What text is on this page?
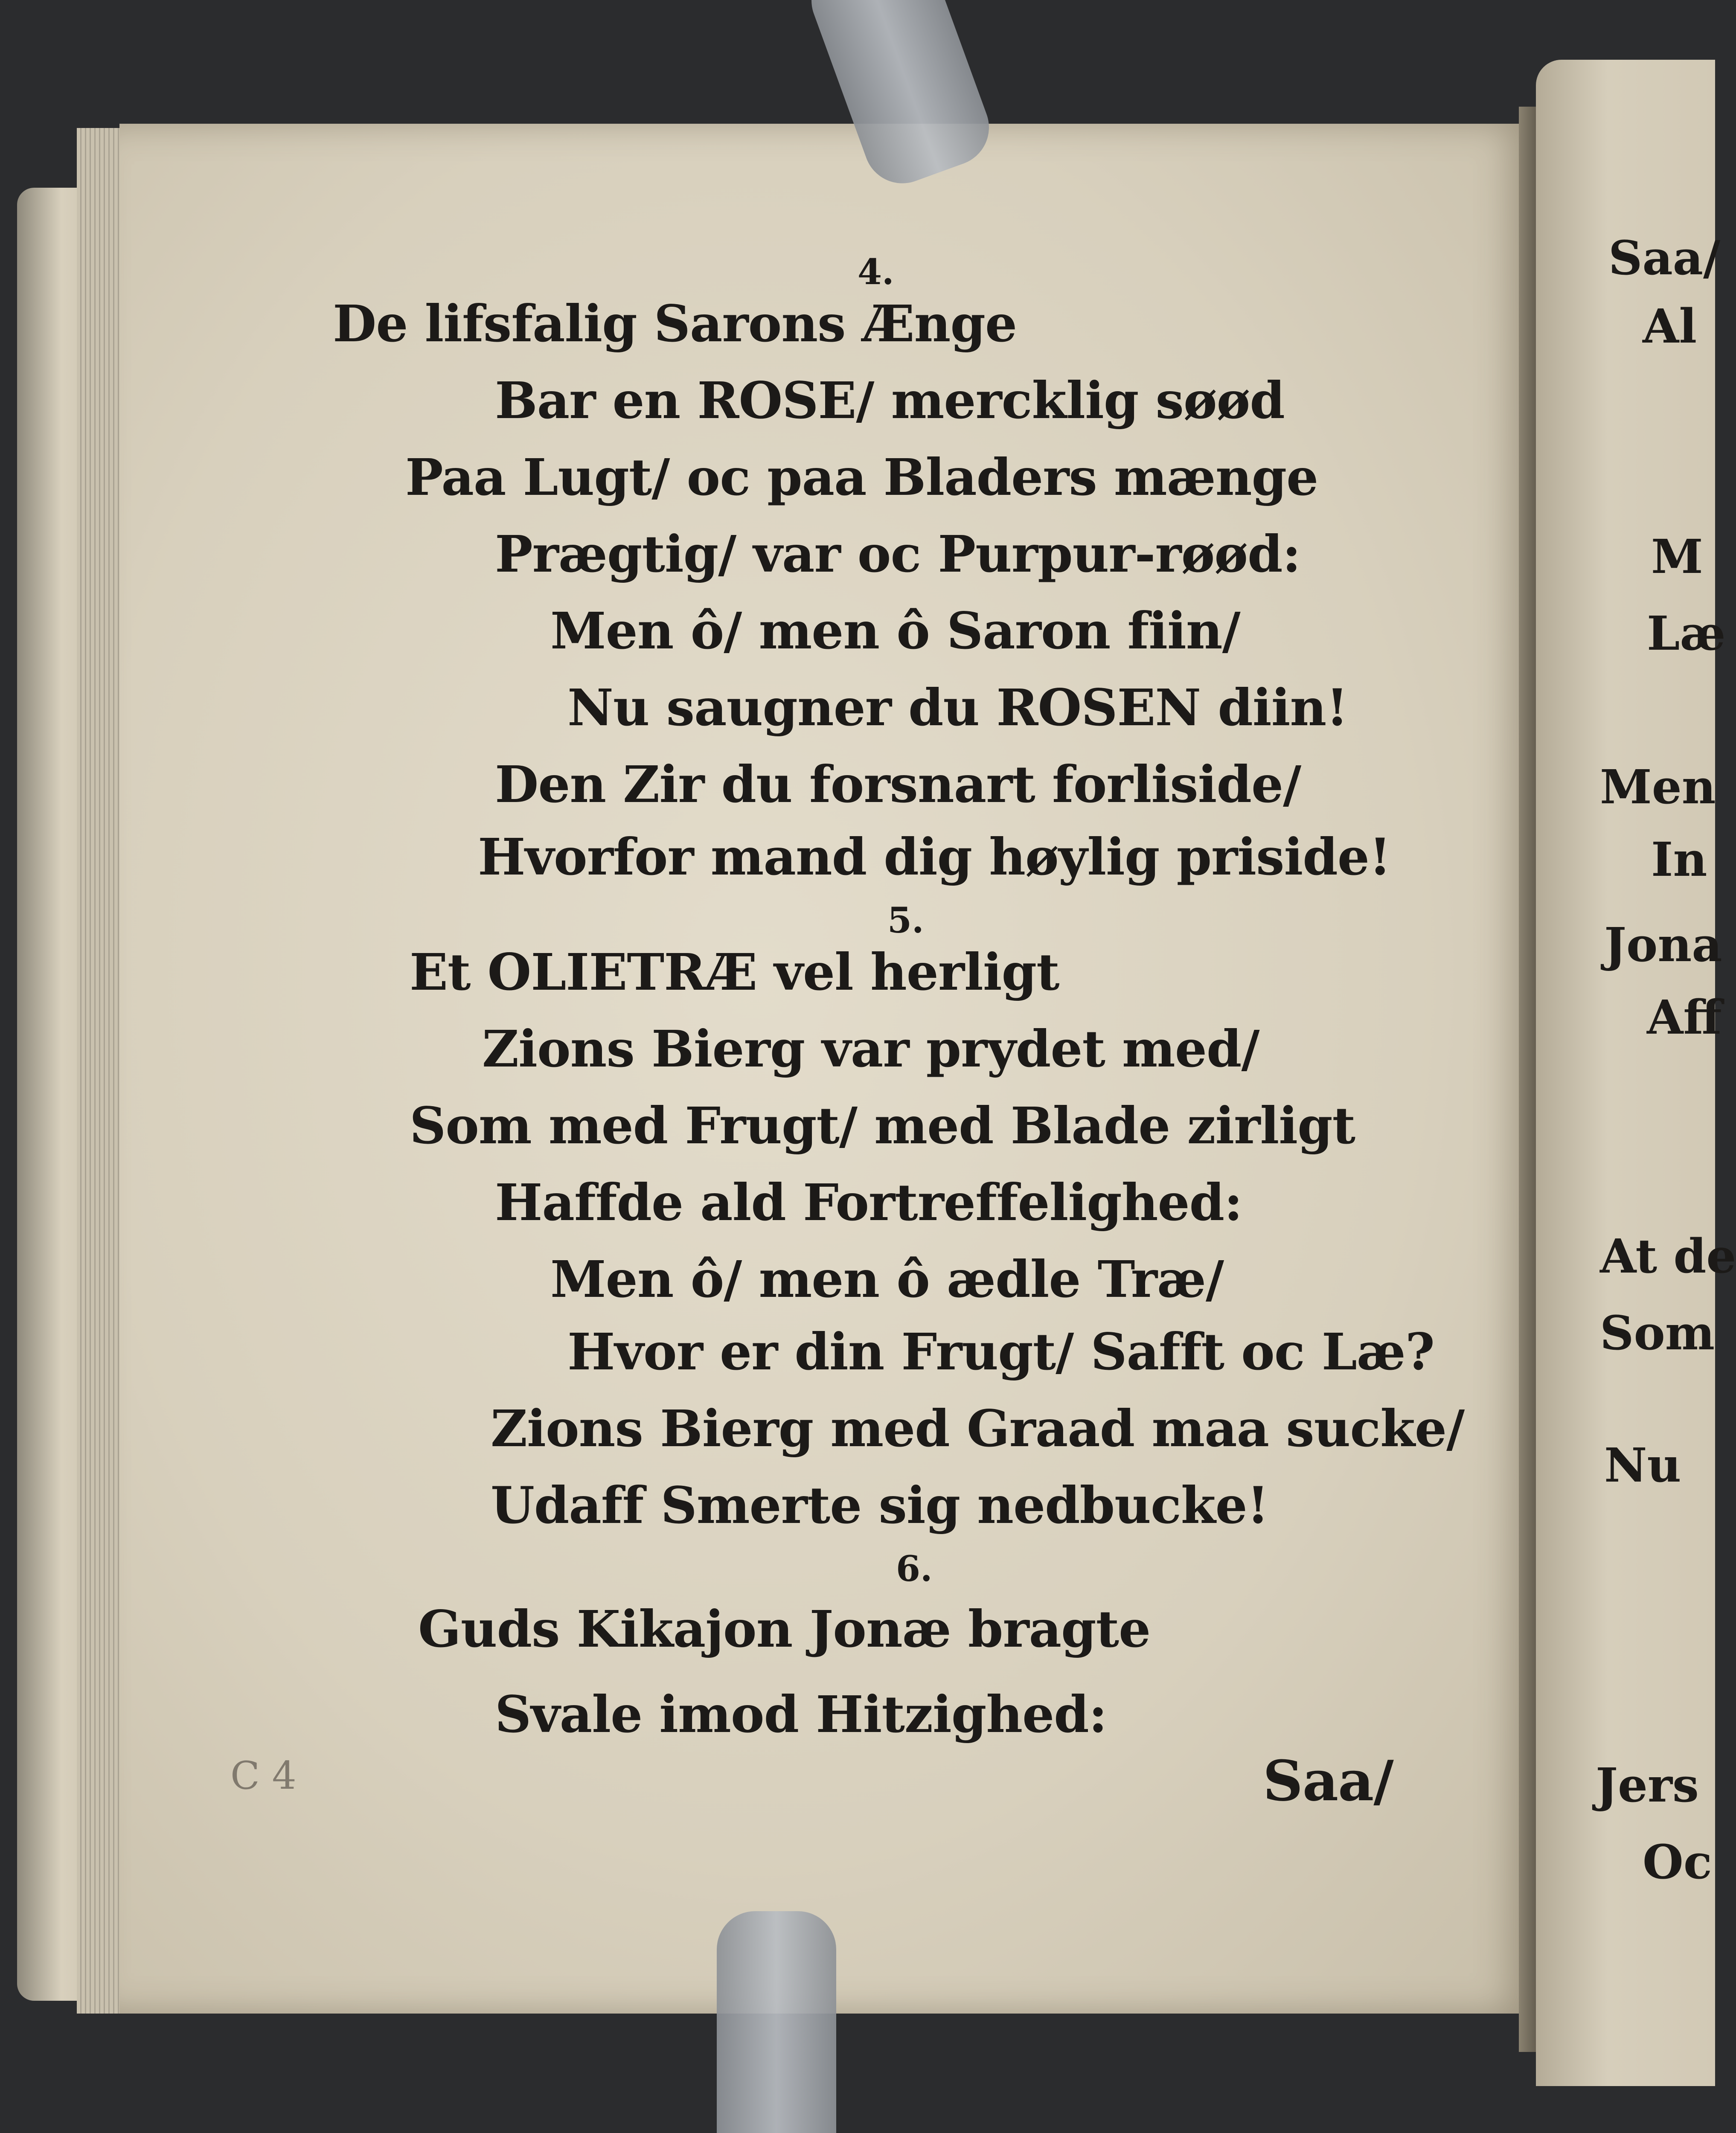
4.
De lifsfalig Sarons Ænge
Bar en ROSE/ mercklig søød
Paa Lugt/ oc paa Bladers mænge
Prægtig/ var oc Purpur-røød:
Men ô/ men ô Saron fiin/
Nu saugner du ROSEN diin!
Den Zir du forsnart forliside/
Hvorfor mand dig høylig priside!
5.
Et OLIETRÆ vel herligt
Zions Bierg var prydet med/
Som med Frugt/ med Blade zirligt
Haffde ald Fortreffelighed:
Men ô/ men ô ædle Træ/
Hvor er din Frugt/ Safft oc Læ?
Zions Bierg med Graad maa sucke/
Udaff Smerte sig nedbucke!
6.
Guds Kikajon Jonæ bragte
Svale imod Hitzighed:
C 4	Saa/
Saa/
Al
M
Læ
Men
In
Jona
Aff
At de
Som
Nu
Jers
Oc
